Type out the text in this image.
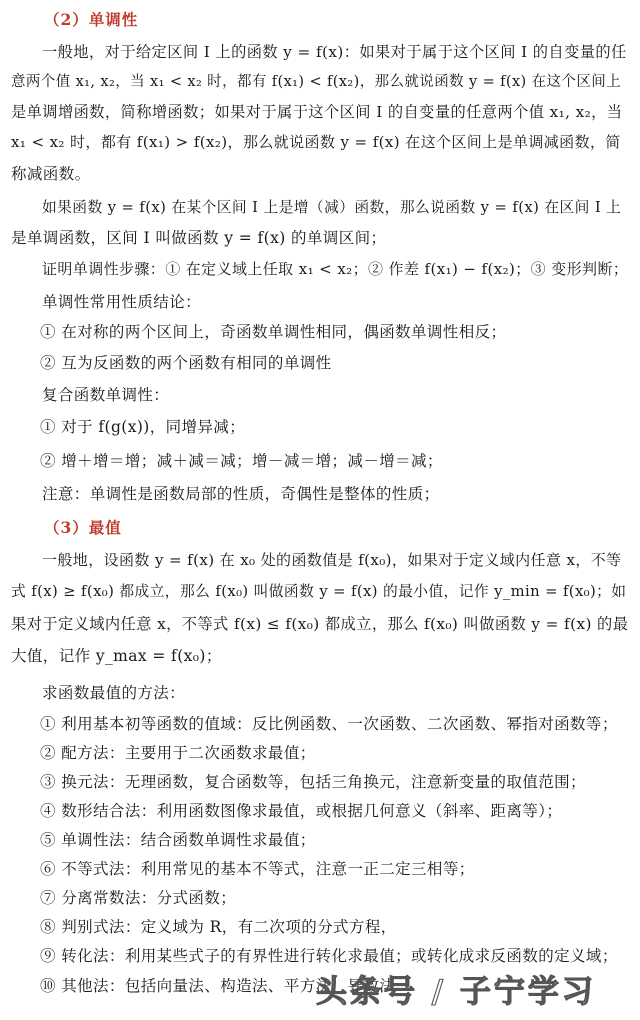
（2）单调性
一般地，对于给定区间 I 上的函数 y = f(x)：如果对于属于这个区间 I 的自变量的任
意两个值 x₁, x₂，当 x₁ < x₂ 时，都有 f(x₁) < f(x₂)，那么就说函数 y = f(x) 在这个区间上
是单调增函数，简称增函数；如果对于属于这个区间 I 的自变量的任意两个值 x₁, x₂，当
x₁ < x₂ 时，都有 f(x₁) > f(x₂)，那么就说函数 y = f(x) 在这个区间上是单调减函数，简
称减函数。
如果函数 y = f(x) 在某个区间 I 上是增（减）函数，那么说函数 y = f(x) 在区间 I 上
是单调函数，区间 I 叫做函数 y = f(x) 的单调区间；
证明单调性步骤：① 在定义域上任取 x₁ < x₂；② 作差 f(x₁) − f(x₂)；③ 变形判断；
单调性常用性质结论：
① 在对称的两个区间上，奇函数单调性相同，偶函数单调性相反；
② 互为反函数的两个函数有相同的单调性
复合函数单调性：
① 对于 f(g(x))，同增异减；
② 增＋增＝增；减＋减＝减；增－减＝增；减－增＝减；
注意：单调性是函数局部的性质，奇偶性是整体的性质；
（3）最值
一般地，设函数 y = f(x) 在 x₀ 处的函数值是 f(x₀)，如果对于定义域内任意 x，不等
式 f(x) ≥ f(x₀) 都成立，那么 f(x₀) 叫做函数 y = f(x) 的最小值，记作 y_min = f(x₀)；如
果对于定义域内任意 x，不等式 f(x) ≤ f(x₀) 都成立，那么 f(x₀) 叫做函数 y = f(x) 的最
大值，记作 y_max = f(x₀)；
求函数最值的方法：
① 利用基本初等函数的值域：反比例函数、一次函数、二次函数、幂指对函数等；
② 配方法：主要用于二次函数求最值；
③ 换元法：无理函数，复合函数等，包括三角换元，注意新变量的取值范围；
④ 数形结合法：利用函数图像求最值，或根据几何意义（斜率、距离等）；
⑤ 单调性法：结合函数单调性求最值；
⑥ 不等式法：利用常见的基本不等式，注意一正二定三相等；
⑦ 分离常数法：分式函数；
⑧ 判别式法：定义域为 R，有二次项的分式方程，
⑨ 转化法：利用某些式子的有界性进行转化求最值；或转化成求反函数的定义域；
⑩ 其他法：包括向量法、构造法、平方法、导数法
头条号 / 子宁学习
